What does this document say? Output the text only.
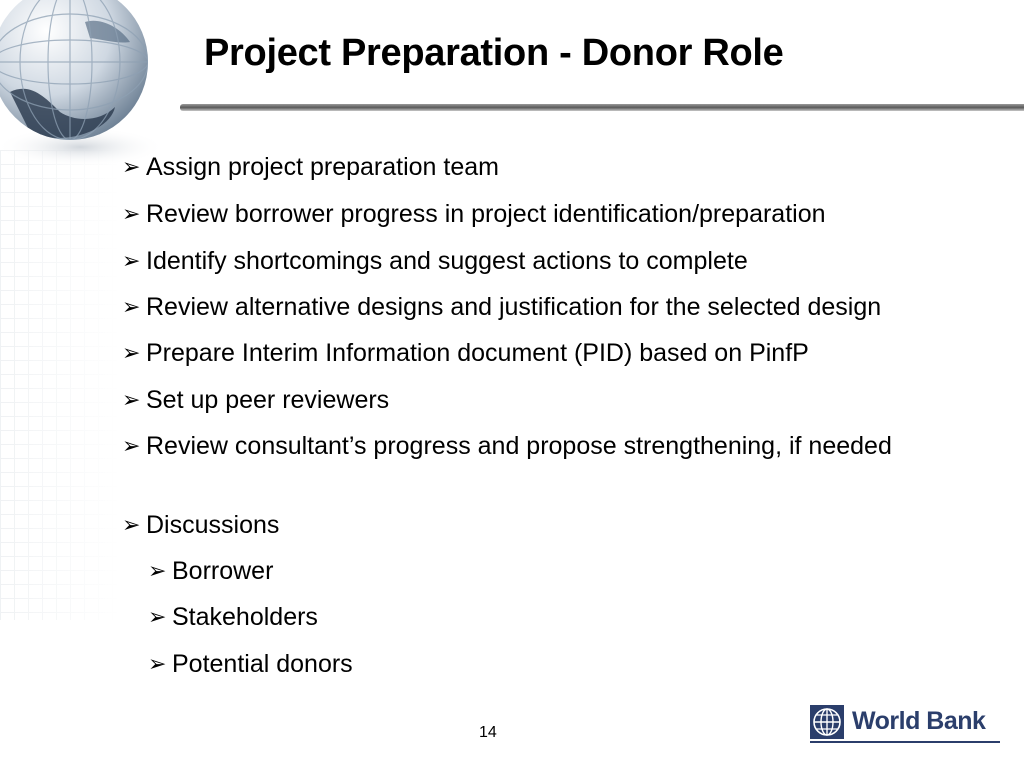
Project Preparation - Donor Role
➢ Assign project preparation team
➢ Review borrower progress in project identification/preparation
➢ Identify shortcomings and suggest actions to complete
➢ Review alternative designs and justification for the selected design
➢ Prepare Interim Information document (PID) based on PinfP
➢ Set up peer reviewers
➢ Review consultant’s progress and propose strengthening, if needed
➢ Discussions
➢ Borrower
➢ Stakeholders
➢ Potential donors
14	World Bank
